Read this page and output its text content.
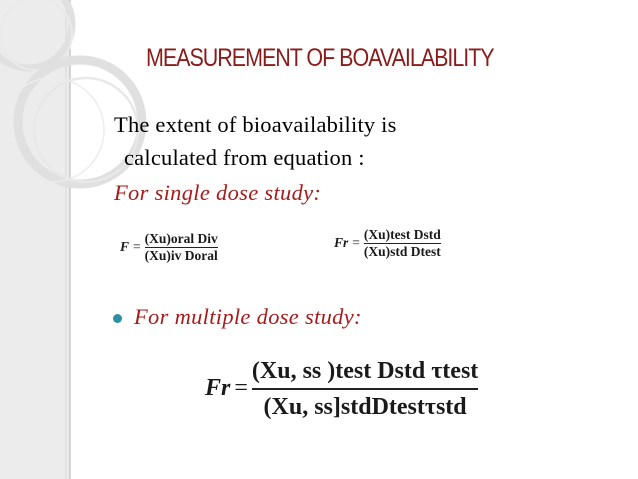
MEASUREMENT OF BOAVAILABILITY

The extent of bioavailability is

calculated from equation :

For single dose study:

$F = \frac{\text{(Xu)oral Div}}{\text{(Xu)iv Doral}}$	$Fr = \frac{\text{(Xu)test Dstd}}{\text{(Xu)std Dtest}}$

For multiple dose study:

$Fr = \frac{\text{(Xu, ss )test Dstd τtest}}{\text{(Xu, ss]stdDtestτstd}}$
